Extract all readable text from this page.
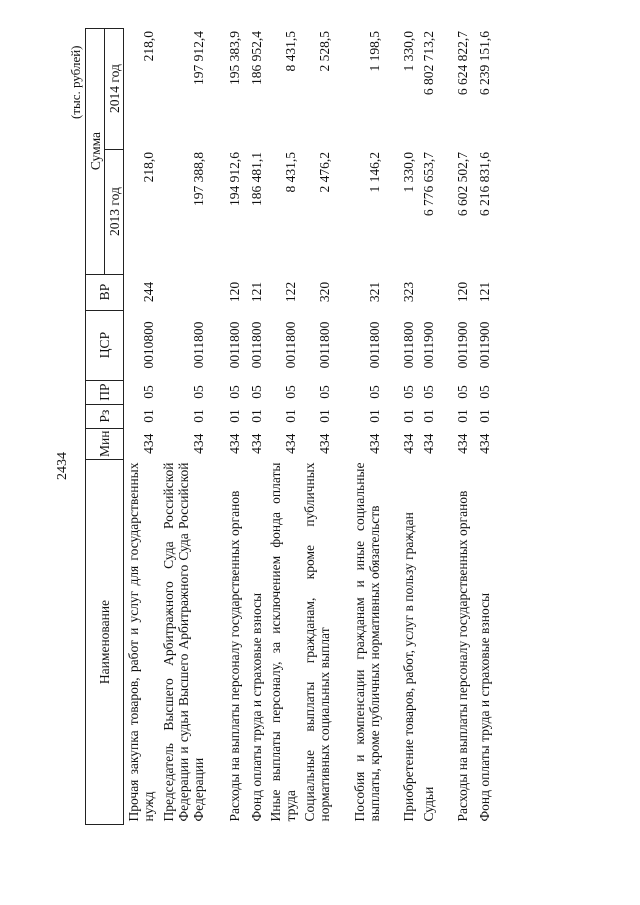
2434
(тыс. рублей)
Наименование	Мин	Рз	ПР	ЦСР	ВР	Сумма	
						2013 год	2014 год
Прочая закупка товаров, работ и услуг для государственных нужд	434	01	05	0010800	244	218,0	218,0
Председатель Высшего Арбитражного Суда Российской Федерации и судьи Высшего Арбитражного Суда Российской Федерации	434	01	05	0011800		197 388,8	197 912,4
Расходы на выплаты персоналу государственных органов	434	01	05	0011800	120	194 912,6	195 383,9
Фонд оплаты труда и страховые взносы	434	01	05	0011800	121	186 481,1	186 952,4
Иные выплаты персоналу, за исключением фонда оплаты труда	434	01	05	0011800	122	8 431,5	8 431,5
Социальные выплаты гражданам, кроме публичных нормативных социальных выплат	434	01	05	0011800	320	2 476,2	2 528,5
Пособия и компенсации гражданам и иные социальные выплаты, кроме публичных нормативных обязательств	434	01	05	0011800	321	1 146,2	1 198,5
Приобретение товаров, работ, услуг в пользу граждан	434	01	05	0011800	323	1 330,0	1 330,0
Судьи	434	01	05	0011900		6 776 653,7	6 802 713,2
Расходы на выплаты персоналу государственных органов	434	01	05	0011900	120	6 602 502,7	6 624 822,7
Фонд оплаты труда и страховые взносы	434	01	05	0011900	121	6 216 831,6	6 239 151,6
